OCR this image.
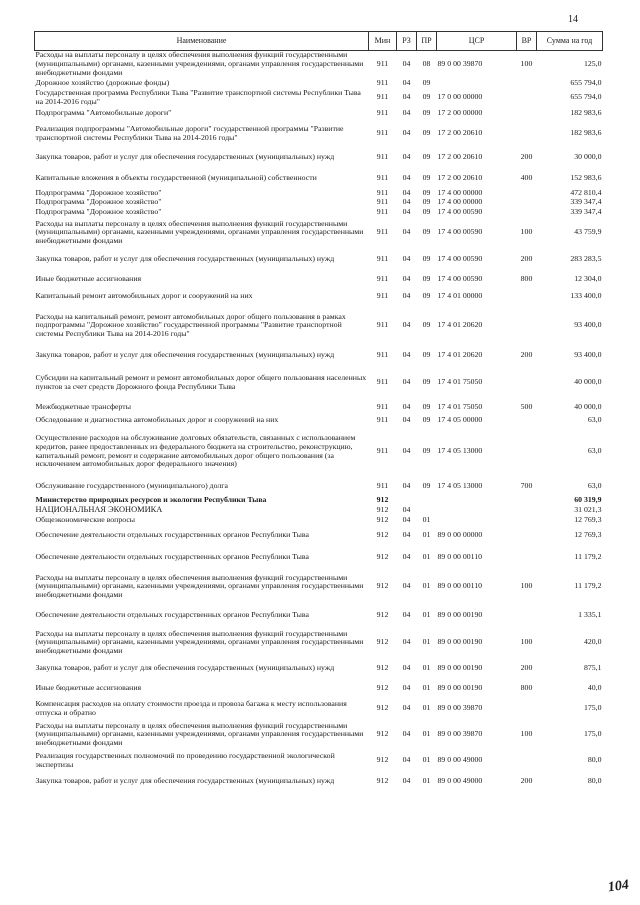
14
Наименование	Мин	РЗ	ПР	ЦСР	ВР	Сумма на год
Расходы на выплаты персоналу в целях обеспечения выполнения функций государственными (муниципальными) органами, казенными учреждениями, органами управления государственными внебюджетными фондами	911	04	08	89 0 00 39870	100	125,0
Дорожное хозяйство (дорожные фонды)	911	04	09			655 794,0
Государственная программа Республики Тыва "Развитие транспортной системы Республики Тыва на 2014-2016 годы"	911	04	09	17 0 00 00000		655 794,0
Подпрограмма "Автомобильные дороги"	911	04	09	17 2 00 00000		182 983,6
Реализация подпрограммы "Автомобильные дороги" государственной программы "Развитие транспортной системы Республики Тыва на 2014-2016 годы"	911	04	09	17 2 00 20610		182 983,6
Закупка товаров, работ и услуг для обеспечения государственных (муниципальных) нужд	911	04	09	17 2 00 20610	200	30 000,0
Капитальные вложения в объекты государственной (муниципальной) собственности	911	04	09	17 2 00 20610	400	152 983,6
Подпрограмма "Дорожное хозяйство"	911	04	09	17 4 00 00000		472 810,4
Подпрограмма "Дорожное хозяйство"	911	04	09	17 4 00 00000		339 347,4
Подпрограмма "Дорожное хозяйство"	911	04	09	17 4 00 00590		339 347,4
Расходы на выплаты персоналу в целях обеспечения выполнения функций государственными (муниципальными) органами, казенными учреждениями, органами управления государственными внебюджетными фондами	911	04	09	17 4 00 00590	100	43 759,9
Закупка товаров, работ и услуг для обеспечения государственных (муниципальных) нужд	911	04	09	17 4 00 00590	200	283 283,5
Иные бюджетные ассигнования	911	04	09	17 4 00 00590	800	12 304,0
Капитальный ремонт автомобильных дорог и сооружений на них	911	04	09	17 4 01 00000		133 400,0
Расходы на капитальный ремонт, ремонт автомобильных дорог общего пользования в рамках подпрограммы "Дорожное хозяйство" государственной программы "Развитие транспортной системы Республики Тыва на 2014-2016 годы"	911	04	09	17 4 01 20620		93 400,0
Закупка товаров, работ и услуг для обеспечения государственных (муниципальных) нужд	911	04	09	17 4 01 20620	200	93 400,0
Субсидии на капитальный ремонт и ремонт автомобильных дорог общего пользования населенных пунктов за счет средств Дорожного фонда Республики Тыва	911	04	09	17 4 01 75050		40 000,0
Межбюджетные трансферты	911	04	09	17 4 01 75050	500	40 000,0
Обследование и диагностика автомобильных дорог и сооружений на них	911	04	09	17 4 05 00000		63,0
Осуществление расходов на обслуживание долговых обязательств, связанных с использованием кредитов, ранее предоставленных из федерального бюджета на строительство, реконструкцию, капитальный ремонт, ремонт и содержание автомобильных дорог общего пользования (за исключением автомобильных дорог федерального значения)	911	04	09	17 4 05 13000		63,0
Обслуживание государственного (муниципального) долга	911	04	09	17 4 05 13000	700	63,0
Министерство природных ресурсов и экологии Республики Тыва	912					60 319,9
НАЦИОНАЛЬНАЯ ЭКОНОМИКА	912	04				31 021,3
Общеэкономические вопросы	912	04	01			12 769,3
Обеспечение деятельности отдельных государственных органов Республики Тыва	912	04	01	89 0 00 00000		12 769,3
Обеспечение деятельности отдельных государственных органов Республики Тыва	912	04	01	89 0 00 00110		11 179,2
Расходы на выплаты персоналу в целях обеспечения выполнения функций государственными (муниципальными) органами, казенными учреждениями, органами управления государственными внебюджетными фондами	912	04	01	89 0 00 00110	100	11 179,2
Обеспечение деятельности отдельных государственных органов Республики Тыва	912	04	01	89 0 00 00190		1 335,1
Расходы на выплаты персоналу в целях обеспечения выполнения функций государственными (муниципальными) органами, казенными учреждениями, органами управления государственными внебюджетными фондами	912	04	01	89 0 00 00190	100	420,0
Закупка товаров, работ и услуг для обеспечения государственных (муниципальных) нужд	912	04	01	89 0 00 00190	200	875,1
Иные бюджетные ассигнования	912	04	01	89 0 00 00190	800	40,0
Компенсация расходов на оплату стоимости проезда и провоза багажа к месту использования отпуска и обратно	912	04	01	89 0 00 39870		175,0
Расходы на выплаты персоналу в целях обеспечения выполнения функций государственными (муниципальными) органами, казенными учреждениями, органами управления государственными внебюджетными фондами	912	04	01	89 0 00 39870	100	175,0
Реализация государственных полномочий по проведению государственной экологической экспертизы	912	04	01	89 0 00 49000		80,0
Закупка товаров, работ и услуг для обеспечения государственных (муниципальных) нужд	912	04	01	89 0 00 49000	200	80,0
104
